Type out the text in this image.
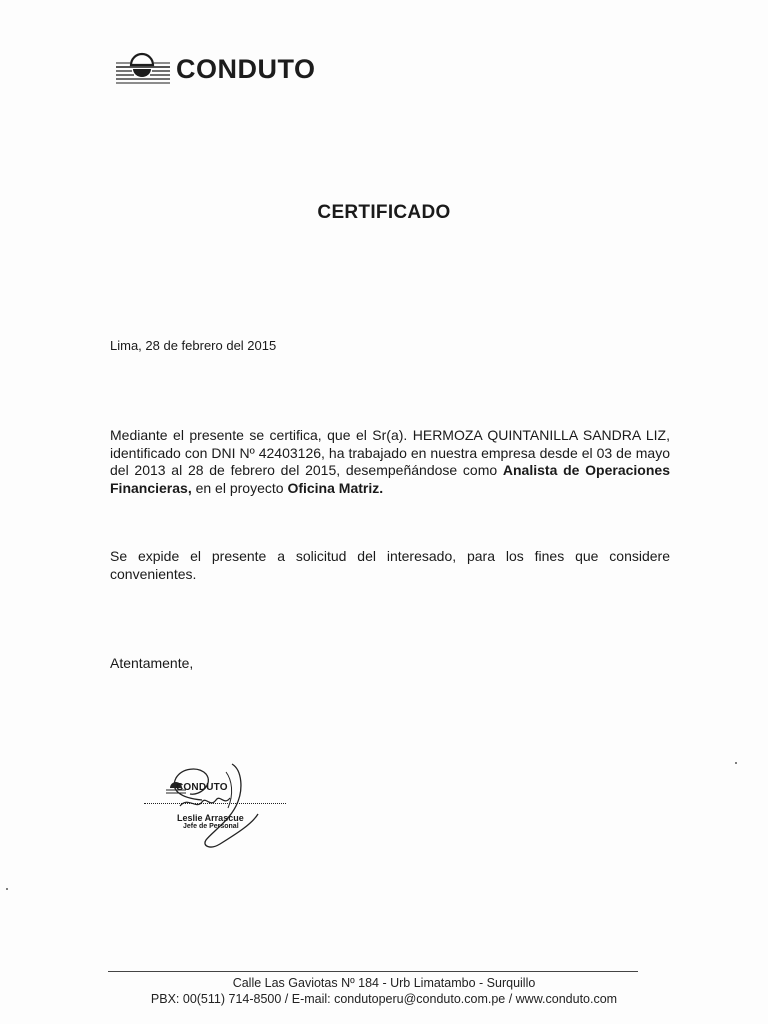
CONDUTO
CERTIFICADO
Lima, 28 de febrero del 2015
Mediante el presente se certifica, que el Sr(a). HERMOZA QUINTANILLA SANDRA LIZ, identificado con DNI Nº 42403126, ha trabajado en nuestra empresa desde el 03 de mayo del 2013 al 28 de febrero del 2015, desempeñándose como Analista de Operaciones Financieras, en el proyecto Oficina Matriz.
Se expide el presente a solicitud del interesado, para los fines que considere convenientes.
Atentamente,
CONDUTO
Leslie Arrascue
Jefe de Personal
Calle Las Gaviotas Nº 184 - Urb Limatambo - Surquillo
PBX: 00(511) 714-8500 / E-mail: condutoperu@conduto.com.pe / www.conduto.com
